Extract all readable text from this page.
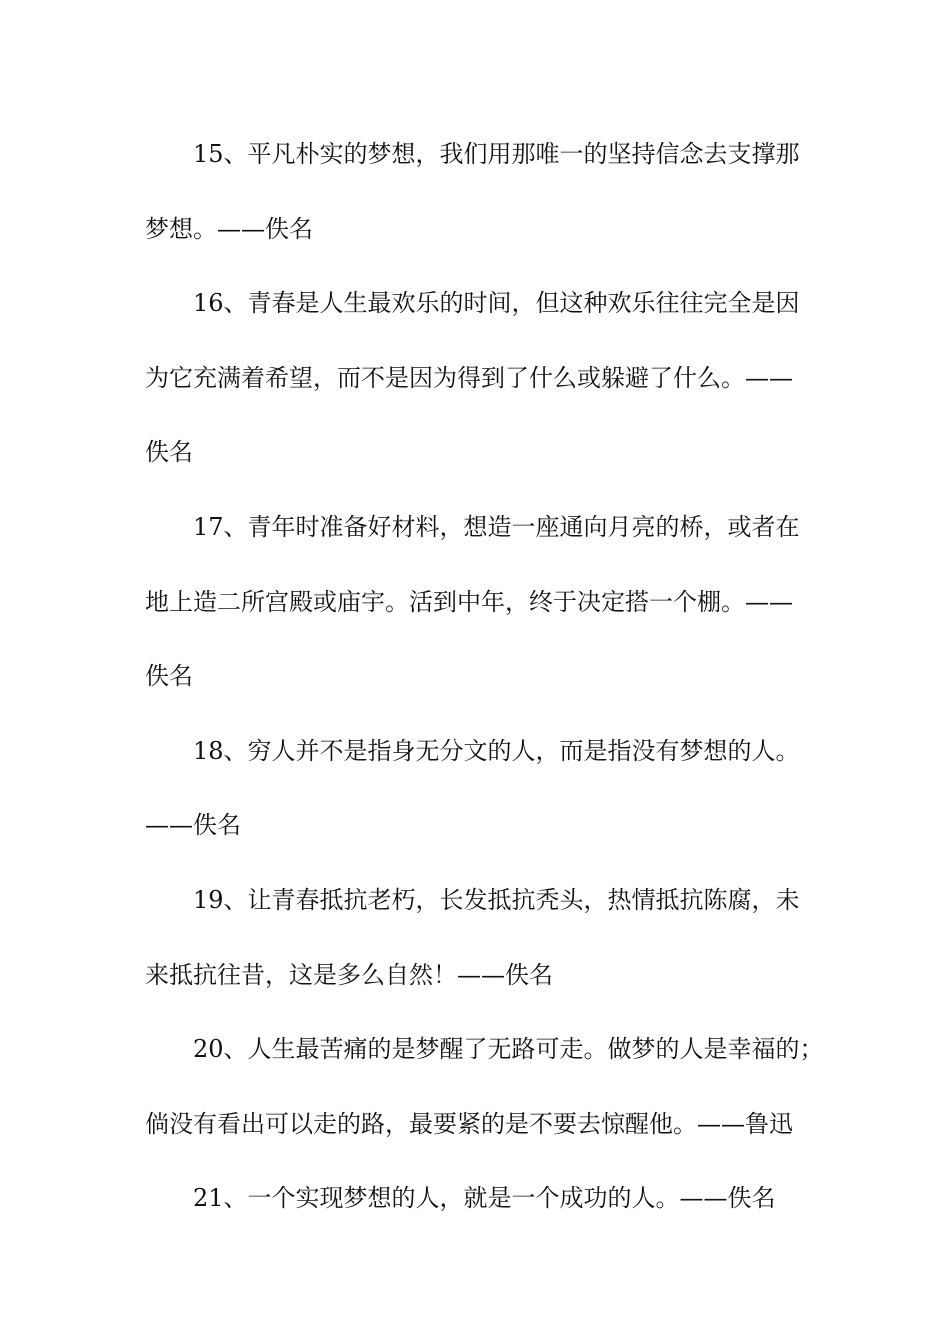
15、平凡朴实的梦想，我们用那唯一的坚持信念去支撑那
梦想。——佚名
16、青春是人生最欢乐的时间，但这种欢乐往往完全是因
为它充满着希望，而不是因为得到了什么或躲避了什么。——
佚名
17、青年时准备好材料，想造一座通向月亮的桥，或者在
地上造二所宫殿或庙宇。活到中年，终于决定搭一个棚。——
佚名
18、穷人并不是指身无分文的人，而是指没有梦想的人。
——佚名
19、让青春抵抗老朽，长发抵抗秃头，热情抵抗陈腐，未
来抵抗往昔，这是多么自然！——佚名
20、人生最苦痛的是梦醒了无路可走。做梦的人是幸福的；
倘没有看出可以走的路，最要紧的是不要去惊醒他。——鲁迅
21、一个实现梦想的人，就是一个成功的人。——佚名
